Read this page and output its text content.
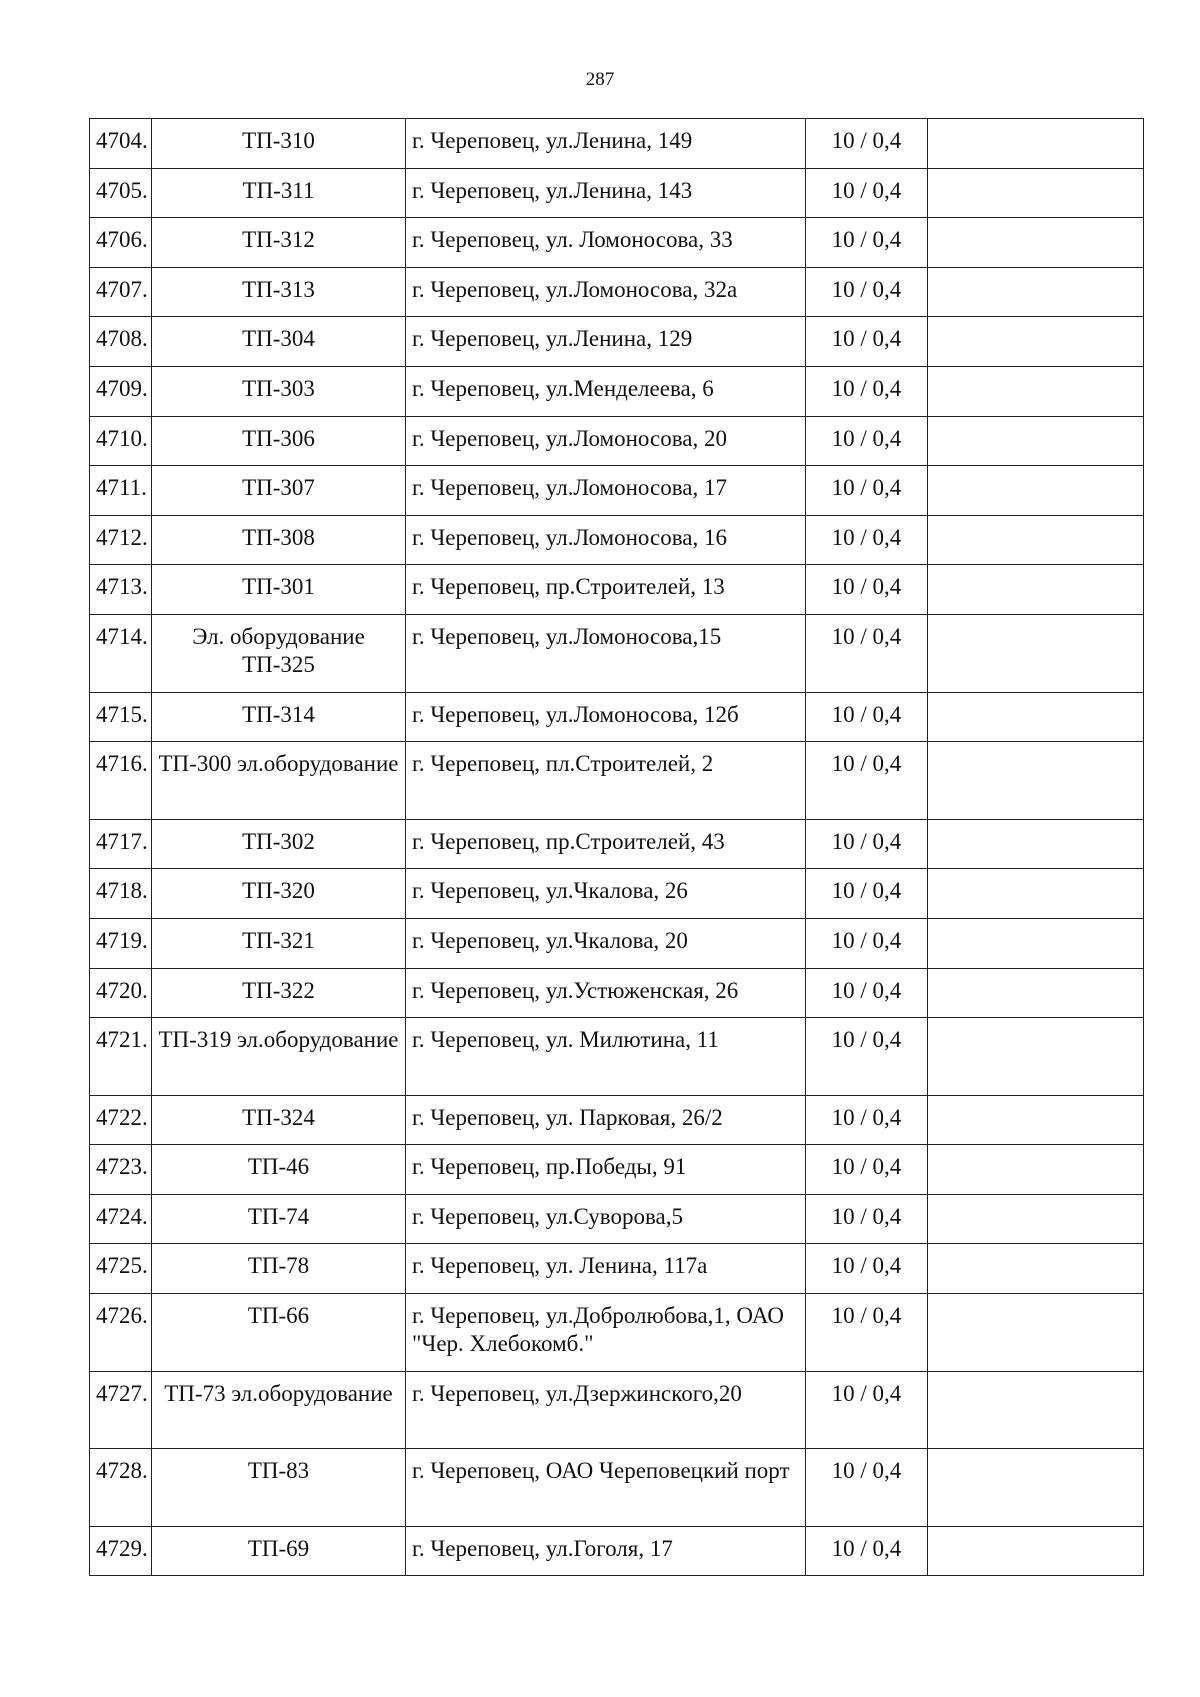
287
4704.	ТП-310	г. Череповец, ул.Ленина, 149	10 / 0,4	
4705.	ТП-311	г. Череповец, ул.Ленина, 143	10 / 0,4	
4706.	ТП-312	г. Череповец, ул. Ломоносова, 33	10 / 0,4	
4707.	ТП-313	г. Череповец, ул.Ломоносова, 32а	10 / 0,4	
4708.	ТП-304	г. Череповец, ул.Ленина, 129	10 / 0,4	
4709.	ТП-303	г. Череповец, ул.Менделеева, 6	10 / 0,4	
4710.	ТП-306	г. Череповец, ул.Ломоносова, 20	10 / 0,4	
4711.	ТП-307	г. Череповец, ул.Ломоносова, 17	10 / 0,4	
4712.	ТП-308	г. Череповец, ул.Ломоносова, 16	10 / 0,4	
4713.	ТП-301	г. Череповец, пр.Строителей, 13	10 / 0,4	
4714.	Эл. оборудование ТП-325	г. Череповец, ул.Ломоносова,15	10 / 0,4	
4715.	ТП-314	г. Череповец, ул.Ломоносова, 12б	10 / 0,4	
4716.	ТП-300 эл.оборудование	г. Череповец, пл.Строителей, 2	10 / 0,4	
4717.	ТП-302	г. Череповец, пр.Строителей, 43	10 / 0,4	
4718.	ТП-320	г. Череповец, ул.Чкалова, 26	10 / 0,4	
4719.	ТП-321	г. Череповец, ул.Чкалова, 20	10 / 0,4	
4720.	ТП-322	г. Череповец, ул.Устюженская, 26	10 / 0,4	
4721.	ТП-319 эл.оборудование	г. Череповец, ул. Милютина, 11	10 / 0,4	
4722.	ТП-324	г. Череповец, ул. Парковая, 26/2	10 / 0,4	
4723.	ТП-46	г. Череповец, пр.Победы, 91	10 / 0,4	
4724.	ТП-74	г. Череповец, ул.Суворова,5	10 / 0,4	
4725.	ТП-78	г. Череповец, ул. Ленина, 117а	10 / 0,4	
4726.	ТП-66	г. Череповец, ул.Добролюбова,1, ОАО "Чер. Хлебокомб."	10 / 0,4	
4727.	ТП-73 эл.оборудование	г. Череповец, ул.Дзержинского,20	10 / 0,4	
4728.	ТП-83	г. Череповец, ОАО Череповецкий порт	10 / 0,4	
4729.	ТП-69	г. Череповец, ул.Гоголя, 17	10 / 0,4	
